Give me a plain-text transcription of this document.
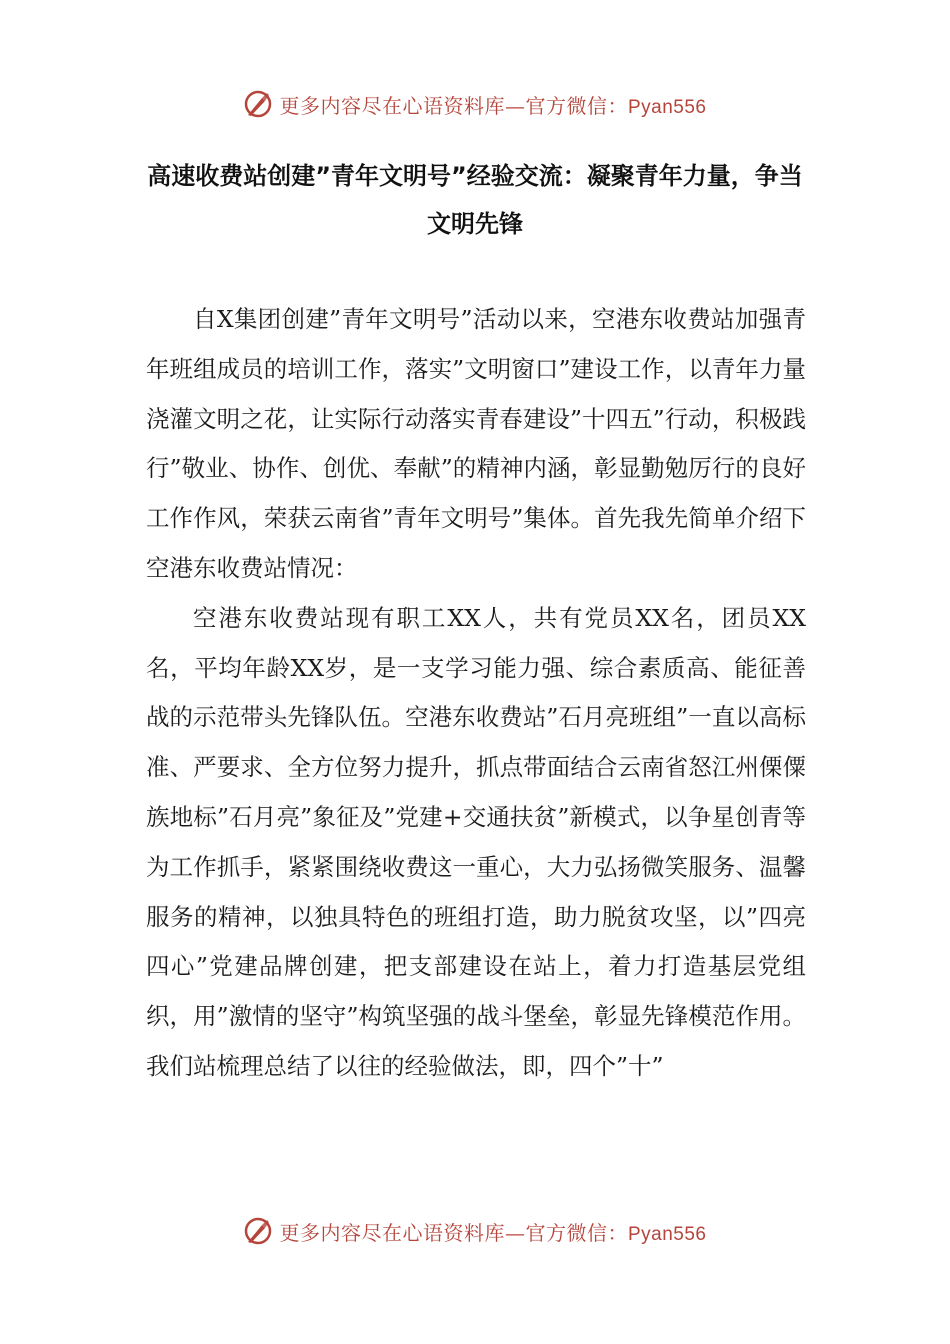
更多内容尽在心语资料库—官方微信：Pyan556
高速收费站创建”青年文明号”经验交流：凝聚青年力量，争当文明先锋

自X集团创建”青年文明号”活动以来，空港东收费站加强青年班组成员的培训工作，落实”文明窗口”建设工作，以青年力量浇灌文明之花，让实际行动落实青春建设”十四五”行动，积极践行”敬业、协作、创优、奉献”的精神内涵，彰显勤勉厉行的良好工作作风，荣获云南省”青年文明号”集体。首先我先简单介绍下空港东收费站情况：

空港东收费站现有职工XX人，共有党员XX名，团员XX名，平均年龄XX岁，是一支学习能力强、综合素质高、能征善战的示范带头先锋队伍。空港东收费站”石月亮班组”一直以高标准、严要求、全方位努力提升，抓点带面结合云南省怒江州傈僳族地标”石月亮”象征及”党建+交通扶贫”新模式，以争星创青等为工作抓手，紧紧围绕收费这一重心，大力弘扬微笑服务、温馨服务的精神，以独具特色的班组打造，助力脱贫攻坚，以”四亮四心”党建品牌创建，把支部建设在站上，着力打造基层党组织，用”激情的坚守”构筑坚强的战斗堡垒，彰显先锋模范作用。我们站梳理总结了以往的经验做法，即，四个”十”

更多内容尽在心语资料库—官方微信：Pyan556
